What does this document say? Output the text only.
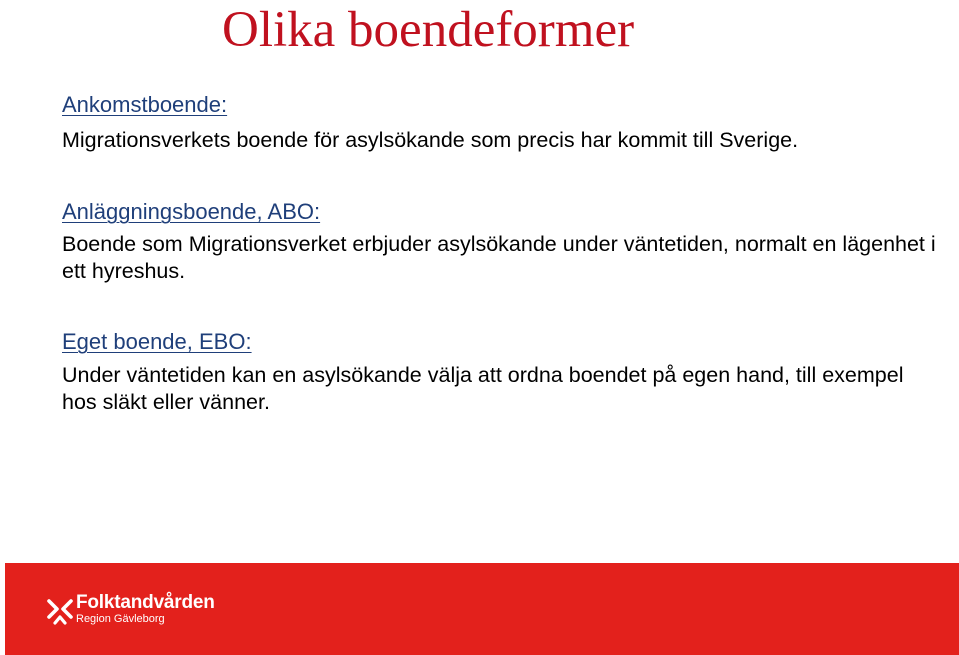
Olika boendeformer
Ankomstboende:
Migrationsverkets boende för asylsökande som precis har kommit till Sverige.
Anläggningsboende, ABO:
Boende som Migrationsverket erbjuder asylsökande under väntetiden, normalt en lägenhet i ett hyreshus.
Eget boende, EBO:
Under väntetiden kan en asylsökande välja att ordna boendet på egen hand, till exempel hos släkt eller vänner.
Folktandvården
Region Gävleborg
